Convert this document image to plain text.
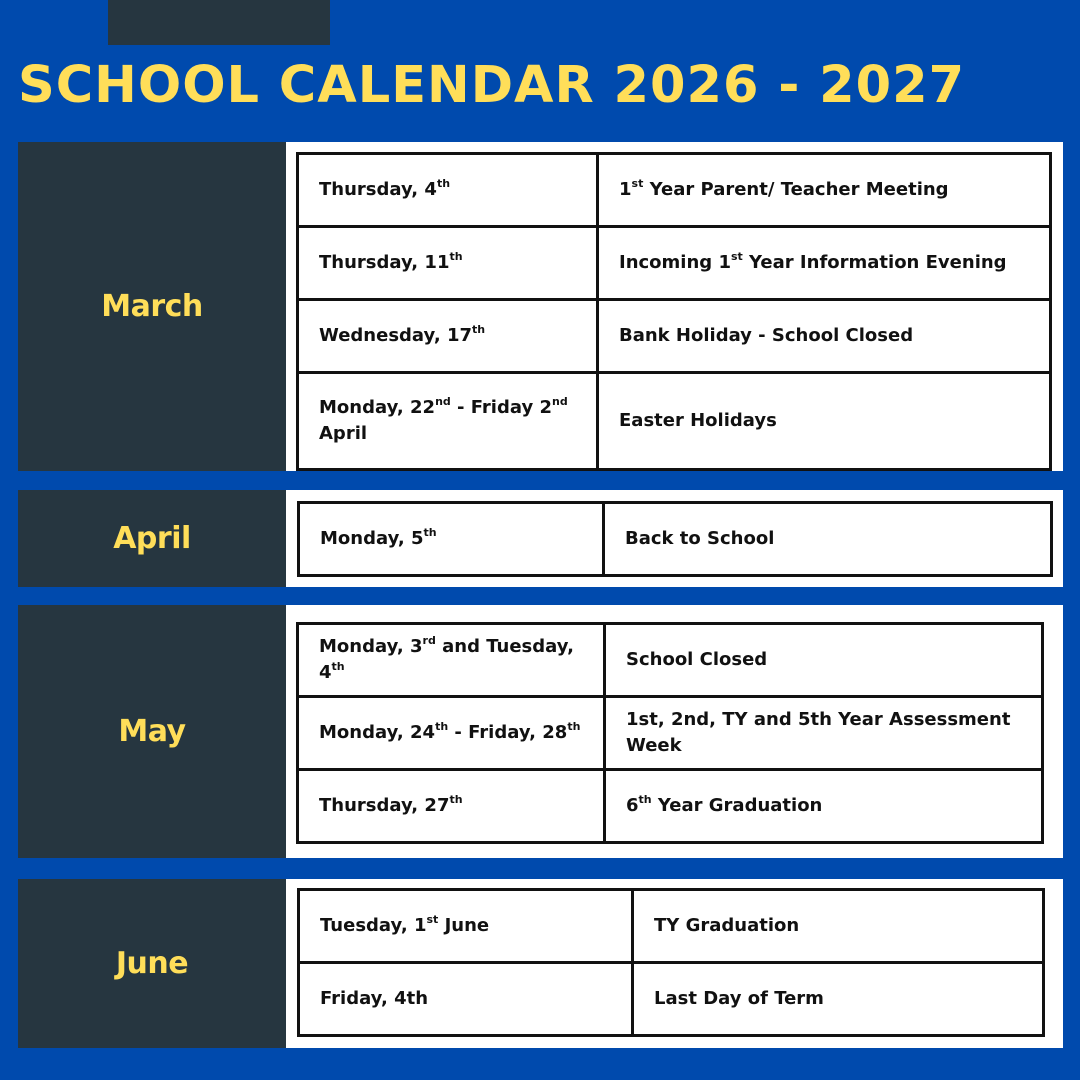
SCHOOL CALENDAR 2026 - 2027
March
Thursday, 4th	1st Year Parent/ Teacher Meeting
Thursday, 11th	Incoming 1st Year Information Evening
Wednesday, 17th	Bank Holiday - School Closed
Monday, 22nd - Friday 2nd April	Easter Holidays
April	Monday, 5th	Back to School
May
Monday, 3rd and Tuesday, 4th	School Closed
Monday, 24th - Friday, 28th	1st, 2nd, TY and 5th Year Assessment Week
Thursday, 27th	6th Year Graduation
June
Tuesday, 1st June	TY Graduation
Friday, 4th	Last Day of Term
